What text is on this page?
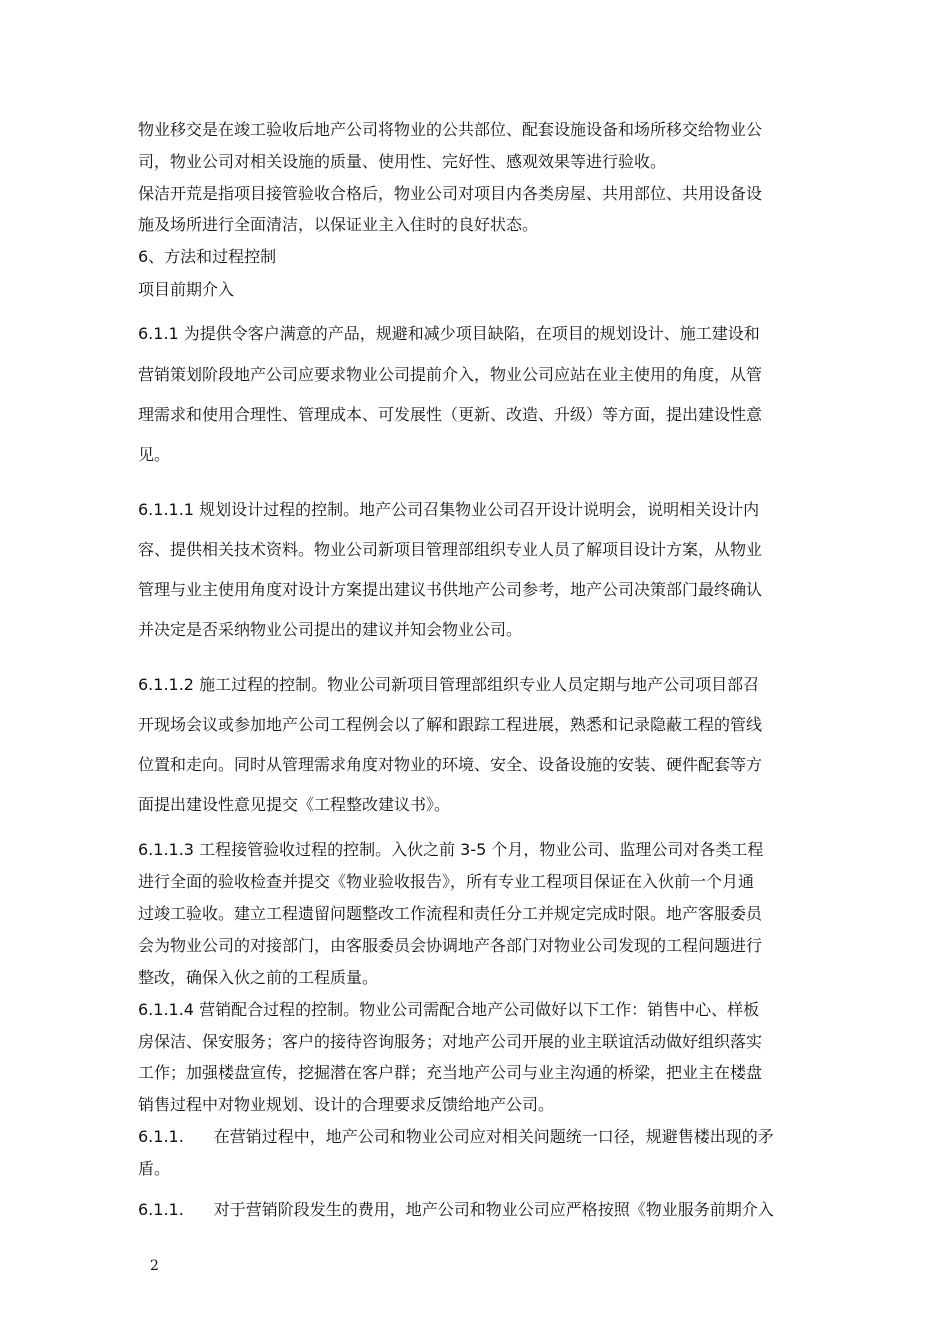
物业移交是在竣工验收后地产公司将物业的公共部位、配套设施设备和场所移交给物业公
司，物业公司对相关设施的质量、使用性、完好性、感观效果等进行验收。
保洁开荒是指项目接管验收合格后，物业公司对项目内各类房屋、共用部位、共用设备设
施及场所进行全面清洁，以保证业主入住时的良好状态。
6、方法和过程控制
项目前期介入
6.1.1 为提供令客户满意的产品，规避和减少项目缺陷，在项目的规划设计、施工建设和
营销策划阶段地产公司应要求物业公司提前介入，物业公司应站在业主使用的角度，从管
理需求和使用合理性、管理成本、可发展性（更新、改造、升级）等方面，提出建设性意
见。
6.1.1.1 规划设计过程的控制。地产公司召集物业公司召开设计说明会，说明相关设计内
容、提供相关技术资料。物业公司新项目管理部组织专业人员了解项目设计方案，从物业
管理与业主使用角度对设计方案提出建议书供地产公司参考，地产公司决策部门最终确认
并决定是否采纳物业公司提出的建议并知会物业公司。
6.1.1.2 施工过程的控制。物业公司新项目管理部组织专业人员定期与地产公司项目部召
开现场会议或参加地产公司工程例会以了解和跟踪工程进展，熟悉和记录隐蔽工程的管线
位置和走向。同时从管理需求角度对物业的环境、安全、设备设施的安装、硬件配套等方
面提出建设性意见提交《工程整改建议书》。
6.1.1.3 工程接管验收过程的控制。入伙之前 3-5 个月，物业公司、监理公司对各类工程
进行全面的验收检查并提交《物业验收报告》，所有专业工程项目保证在入伙前一个月通
过竣工验收。建立工程遗留问题整改工作流程和责任分工并规定完成时限。地产客服委员
会为物业公司的对接部门，由客服委员会协调地产各部门对物业公司发现的工程问题进行
整改，确保入伙之前的工程质量。
6.1.1.4 营销配合过程的控制。物业公司需配合地产公司做好以下工作：销售中心、样板
房保洁、保安服务；客户的接待咨询服务；对地产公司开展的业主联谊活动做好组织落实
工作；加强楼盘宣传，挖掘潜在客户群；充当地产公司与业主沟通的桥梁，把业主在楼盘
销售过程中对物业规划、设计的合理要求反馈给地产公司。
6.1.1. 在营销过程中，地产公司和物业公司应对相关问题统一口径，规避售楼出现的矛
盾。
6.1.1. 对于营销阶段发生的费用，地产公司和物业公司应严格按照《物业服务前期介入
2
